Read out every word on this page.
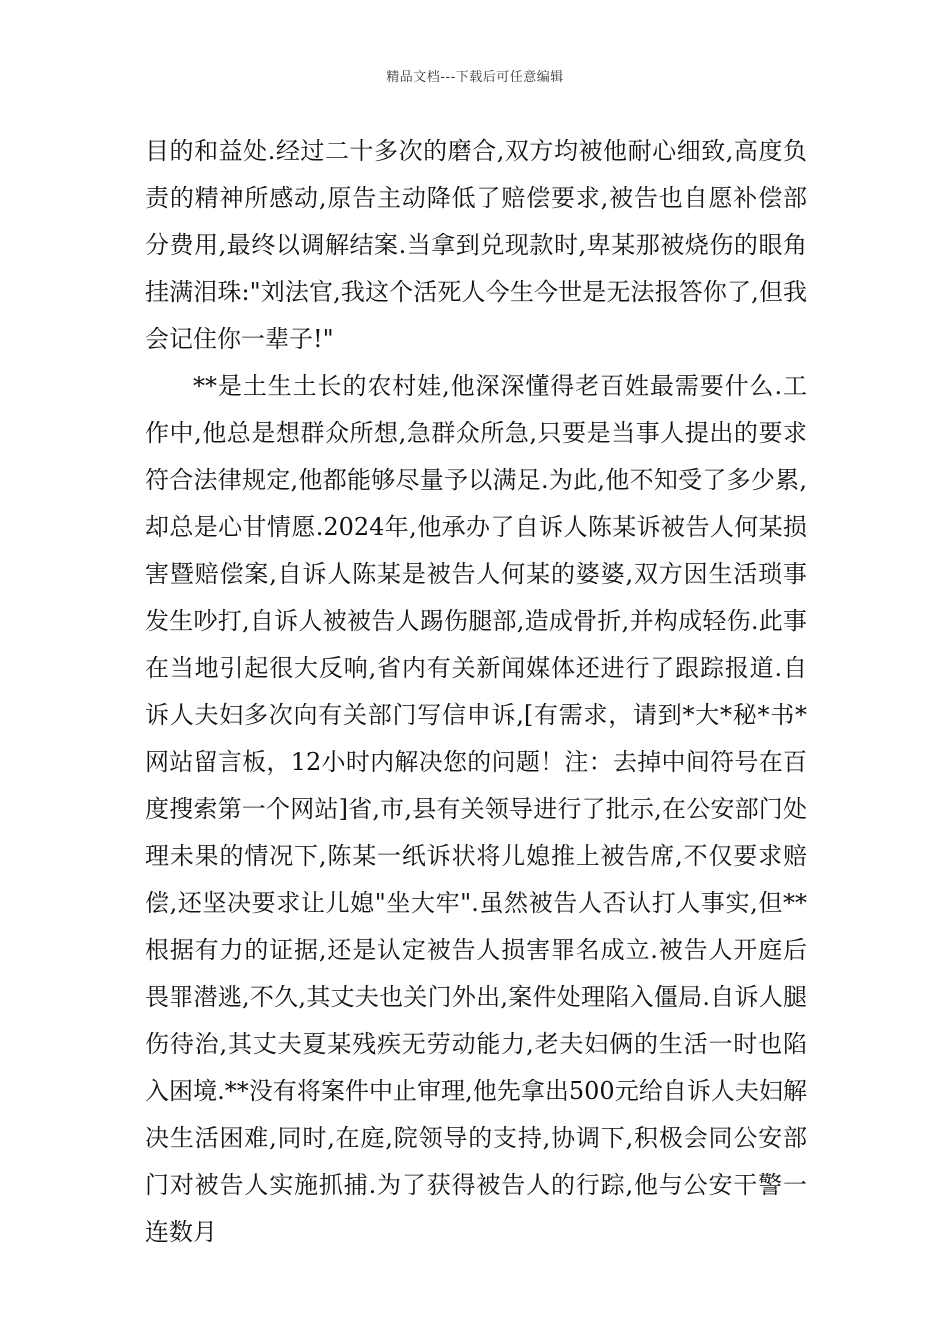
精品文档---下载后可任意编辑

目的和益处.经过二十多次的磨合,双方均被他耐心细致,高度负责的精神所感动,原告主动降低了赔偿要求,被告也自愿补偿部分费用,最终以调解结案.当拿到兑现款时,卑某那被烧伤的眼角挂满泪珠:"刘法官,我这个活死人今生今世是无法报答你了,但我会记住你一辈子!"

**是土生土长的农村娃,他深深懂得老百姓最需要什么.工作中,他总是想群众所想,急群众所急,只要是当事人提出的要求符合法律规定,他都能够尽量予以满足.为此,他不知受了多少累,却总是心甘情愿.2024年,他承办了自诉人陈某诉被告人何某损害暨赔偿案,自诉人陈某是被告人何某的婆婆,双方因生活琐事发生吵打,自诉人被被告人踢伤腿部,造成骨折,并构成轻伤.此事在当地引起很大反响,省内有关新闻媒体还进行了跟踪报道.自诉人夫妇多次向有关部门写信申诉,[有需求，请到*大*秘*书*网站留言板，12小时内解决您的问题！注：去掉中间符号在百度搜索第一个网站]省,市,县有关领导进行了批示,在公安部门处理未果的情况下,陈某一纸诉状将儿媳推上被告席,不仅要求赔偿,还坚决要求让儿媳"坐大牢".虽然被告人否认打人事实,但**根据有力的证据,还是认定被告人损害罪名成立.被告人开庭后畏罪潜逃,不久,其丈夫也关门外出,案件处理陷入僵局.自诉人腿伤待治,其丈夫夏某残疾无劳动能力,老夫妇俩的生活一时也陷入困境.**没有将案件中止审理,他先拿出500元给自诉人夫妇解决生活困难,同时,在庭,院领导的支持,协调下,积极会同公安部门对被告人实施抓捕.为了获得被告人的行踪,他与公安干警一连数月
